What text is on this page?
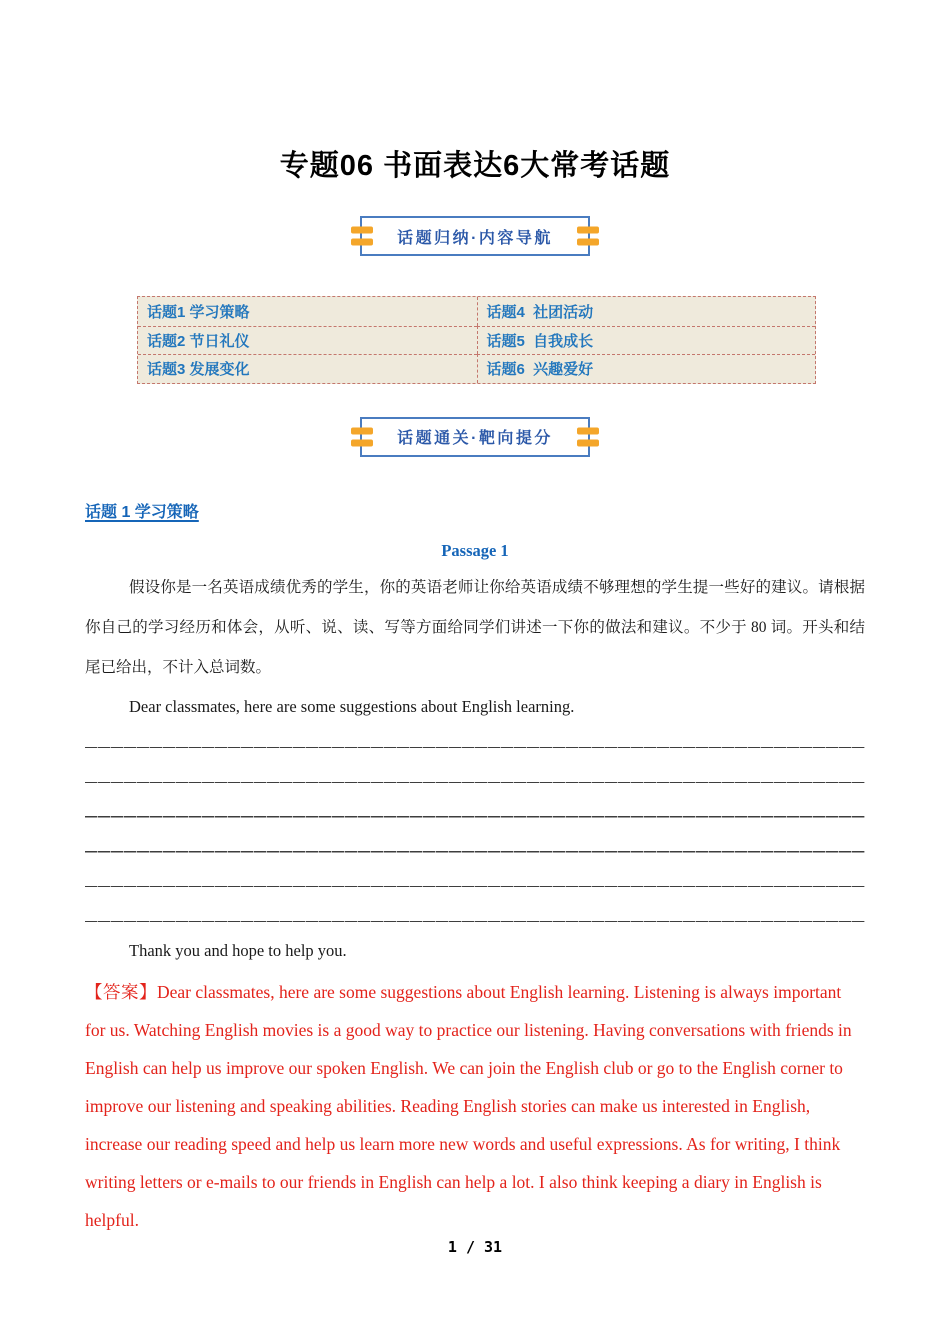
专题06 书面表达6大常考话题
话题归纳·内容导航
话题1 学习策略	话题4  社团活动
话题2 节日礼仪	话题5  自我成长
话题3 发展变化	话题6  兴趣爱好
话题通关·靶向提分
话题 1 学习策略
Passage 1

假设你是一名英语成绩优秀的学生，你的英语老师让你给英语成绩不够理想的学生提一些好的建议。请根据你自己的学习经历和体会，从听、说、读、写等方面给同学们讲述一下你的做法和建议。不少于 80 词。开头和结尾已给出，不计入总词数。

Dear classmates, here are some suggestions about English learning.

Thank you and hope to help you.

【答案】Dear classmates, here are some suggestions about English learning. Listening is always important for us. Watching English movies is a good way to practice our listening. Having conversations with friends in English can help us improve our spoken English. We can join the English club or go to the English corner to improve our listening and speaking abilities. Reading English stories can make us interested in English, increase our reading speed and help us learn more new words and useful expressions. As for writing, I think writing letters or e-mails to our friends in English can help a lot. I also think keeping a diary in English is helpful.

1 / 31
